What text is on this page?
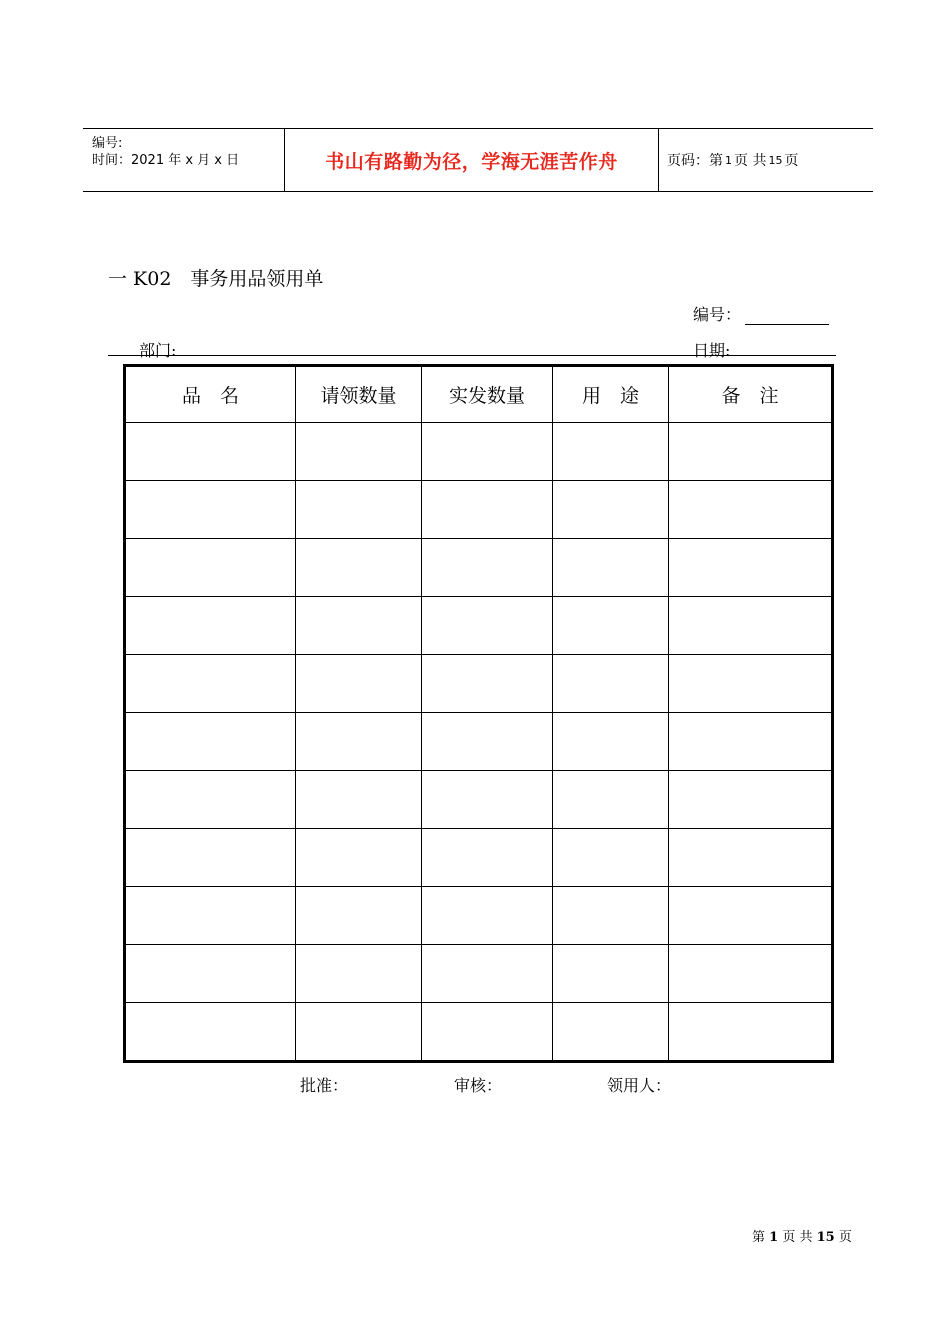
编号:
时间：2021 年 x 月 x 日	书山有路勤为径，学海无涯苦作舟	页码：第 1 页 共 15 页
一 K02　事务用品领用单
编号：
部门:	日期:
品　名	请领数量	实发数量	用　途	备　注

批准：	审核：	领用人：
第 1 页 共 15 页
